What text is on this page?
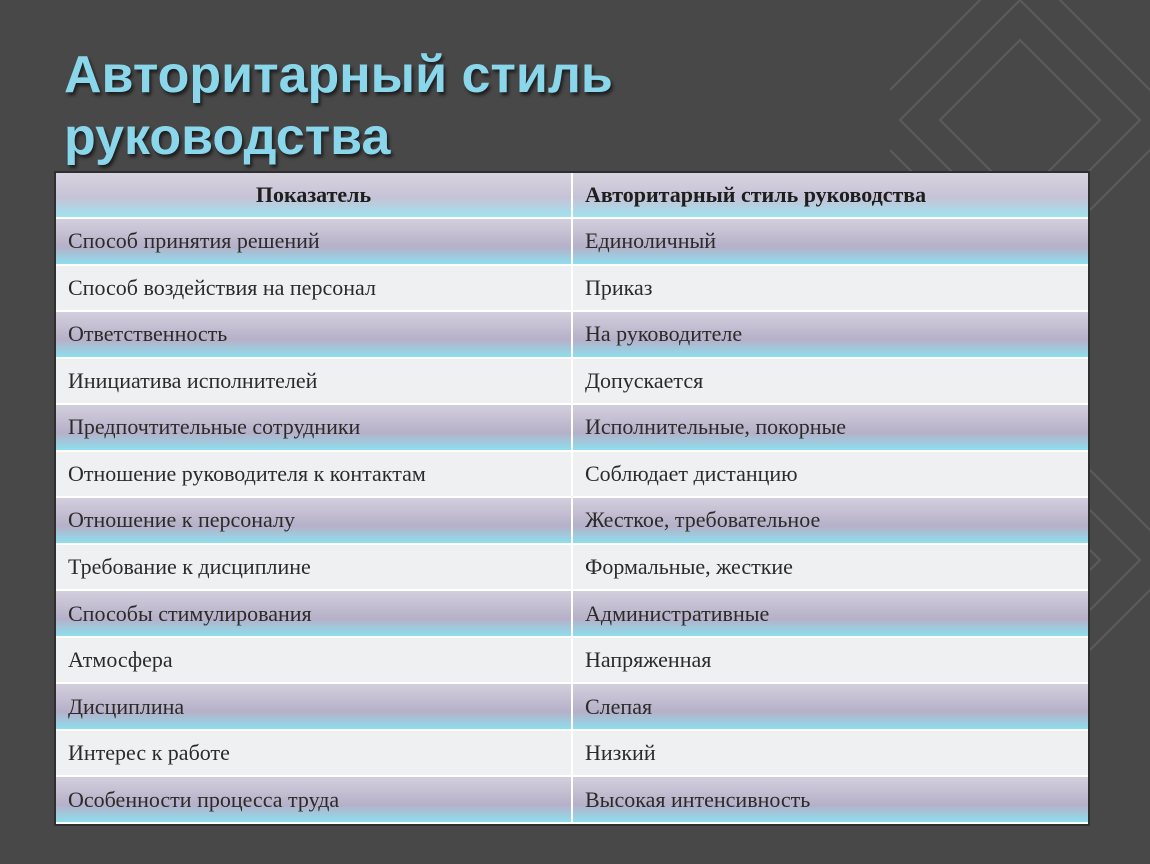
Авторитарный стиль руководства
Показатель	Авторитарный стиль руководства
Способ принятия решений	Единоличный
Способ воздействия на персонал	Приказ
Ответственность	На руководителе
Инициатива исполнителей	Допускается
Предпочтительные сотрудники	Исполнительные, покорные
Отношение руководителя к контактам	Соблюдает дистанцию
Отношение к персоналу	Жесткое, требовательное
Требование к дисциплине	Формальные, жесткие
Способы стимулирования	Административные
Атмосфера	Напряженная
Дисциплина	Слепая
Интерес к работе	Низкий
Особенности процесса труда	Высокая интенсивность
